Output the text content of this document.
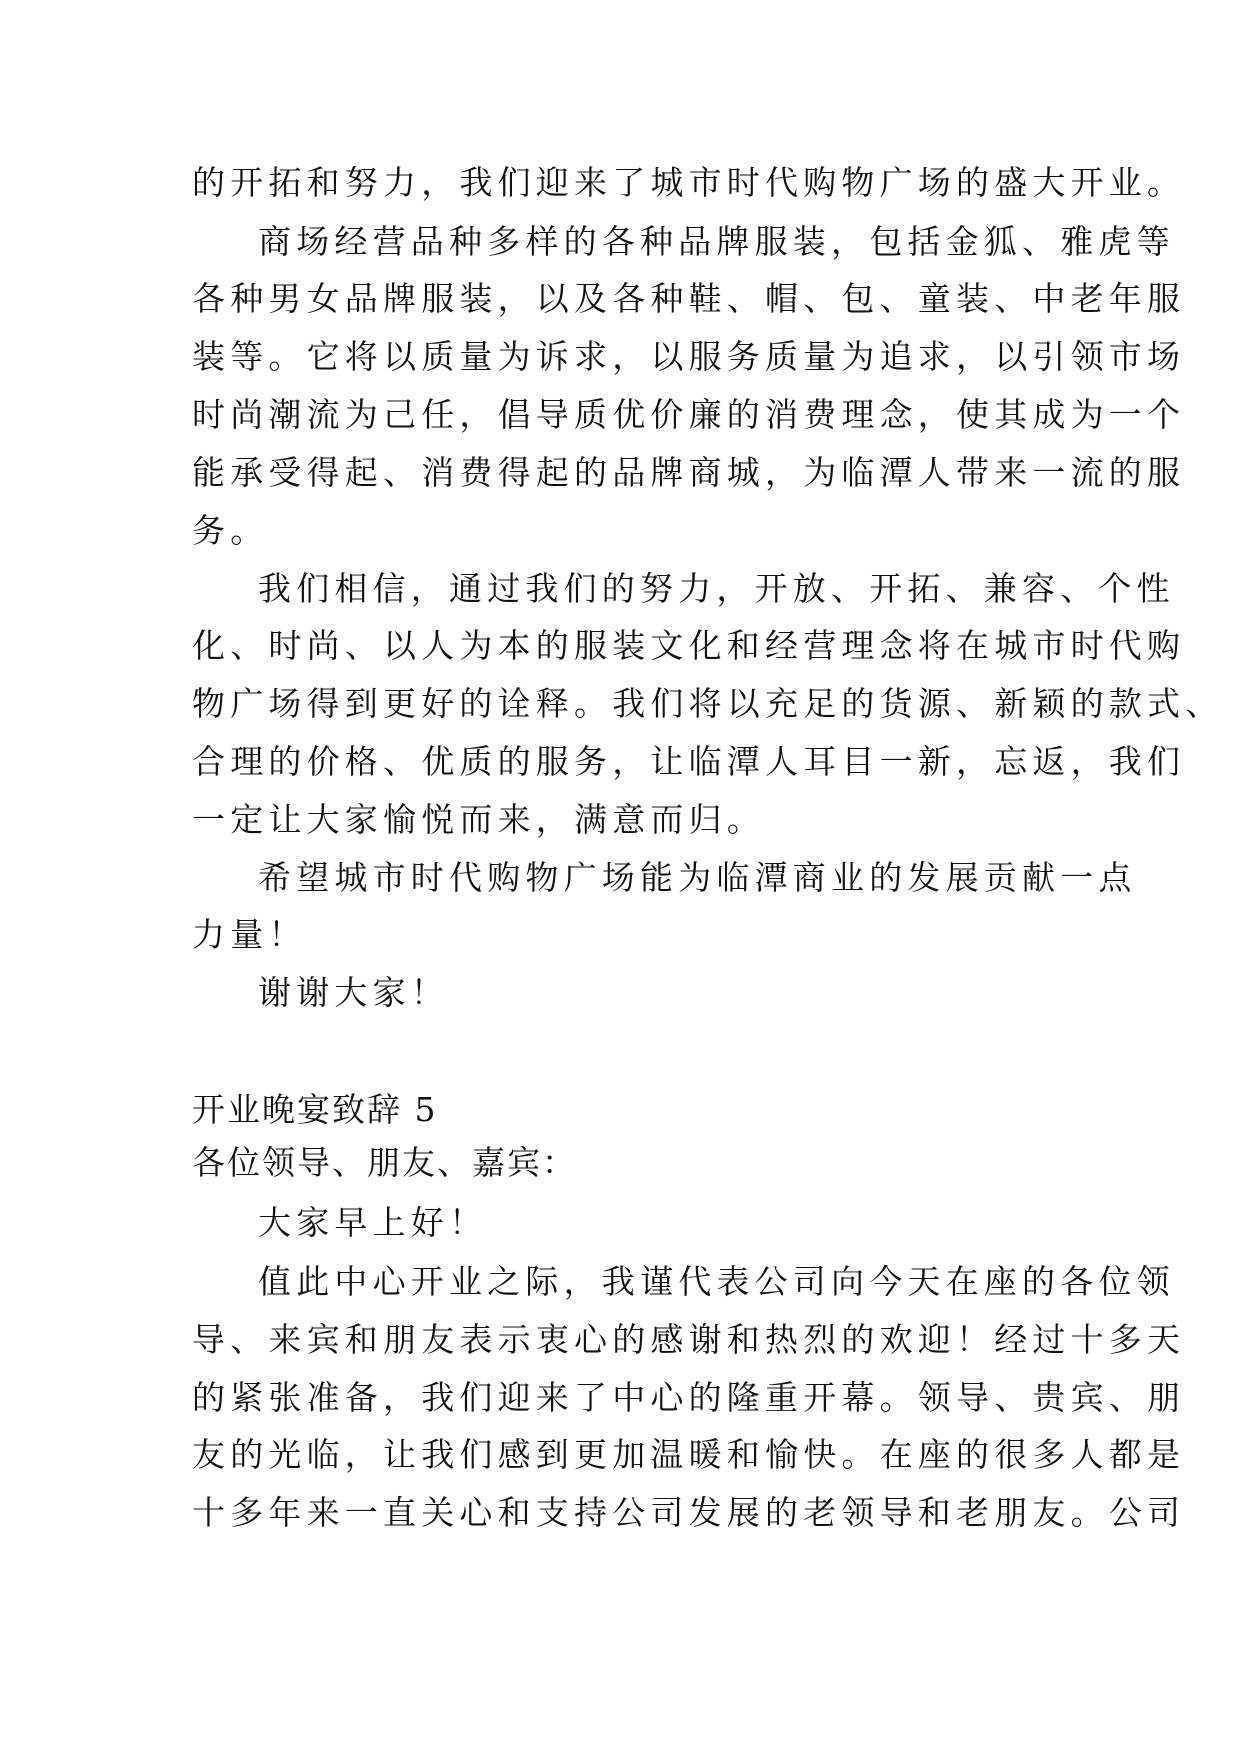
的开拓和努力，我们迎来了城市时代购物广场的盛大开业。
商场经营品种多样的各种品牌服装，包括金狐、雅虎等
各种男女品牌服装，以及各种鞋、帽、包、童装、中老年服
装等。它将以质量为诉求，以服务质量为追求，以引领市场
时尚潮流为己任，倡导质优价廉的消费理念，使其成为一个
能承受得起、消费得起的品牌商城，为临潭人带来一流的服
务。
我们相信，通过我们的努力，开放、开拓、兼容、个性
化、时尚、以人为本的服装文化和经营理念将在城市时代购
物广场得到更好的诠释。我们将以充足的货源、新颖的款式、
合理的价格、优质的服务，让临潭人耳目一新，忘返，我们
一定让大家愉悦而来，满意而归。
希望城市时代购物广场能为临潭商业的发展贡献一点
力量！
谢谢大家！
开业晚宴致辞 5
各位领导、朋友、嘉宾：
大家早上好！
值此中心开业之际，我谨代表公司向今天在座的各位领
导、来宾和朋友表示衷心的感谢和热烈的欢迎！经过十多天
的紧张准备，我们迎来了中心的隆重开幕。领导、贵宾、朋
友的光临，让我们感到更加温暖和愉快。在座的很多人都是
十多年来一直关心和支持公司发展的老领导和老朋友。公司
